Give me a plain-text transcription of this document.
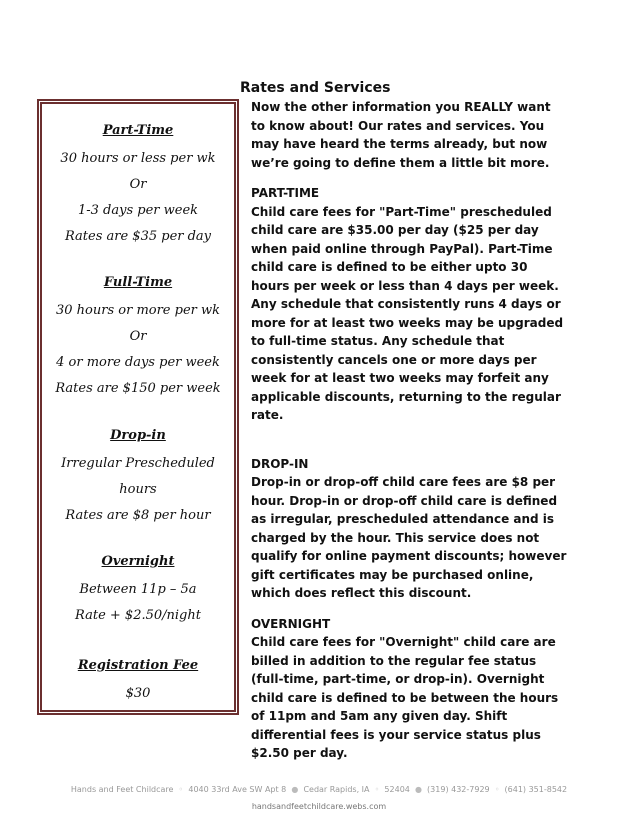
Rates and Services
Part-Time
30 hours or less per wk
Or
1-3 days per week
Rates are $35 per day
Full-Time
30 hours or more per wk
Or
4 or more days per week
Rates are $150 per week
Drop-in
Irregular Prescheduled
hours
Rates are $8 per hour
Overnight
Between 11p – 5a
Rate + $2.50/night
Registration Fee
$30

Now the other information you REALLY want to know about! Our rates and services. You may have heard the terms already, but now we’re going to define them a little bit more.

PART-TIME

Child care fees for "Part-Time" prescheduled child care are $35.00 per day ($25 per day when paid online through PayPal). Part-Time child care is defined to be either upto 30 hours per week or less than 4 days per week. Any schedule that consistently runs 4 days or more for at least two weeks may be upgraded to full-time status. Any schedule that consistently cancels one or more days per week for at least two weeks may forfeit any applicable discounts, returning to the regular rate.

DROP-IN

Drop-in or drop-off child care fees are $8 per hour. Drop-in or drop-off child care is defined as irregular, prescheduled attendance and is charged by the hour. This service does not qualify for online payment discounts; however gift certificates may be purchased online, which does reflect this discount.

OVERNIGHT

Child care fees for "Overnight" child care are billed in addition to the regular fee status (full-time, part-time, or drop-in). Overnight child care is defined to be between the hours of 11pm and 5am any given day. Shift differential fees is your service status plus $2.50 per day.

Hands and Feet Childcare  ◦  4040 33rd Ave SW Apt 8  ●  Cedar Rapids, IA  ◦  52404  ●  (319) 432-7929  ◦  (641) 351-8542
handsandfeetchildcare.webs.com
